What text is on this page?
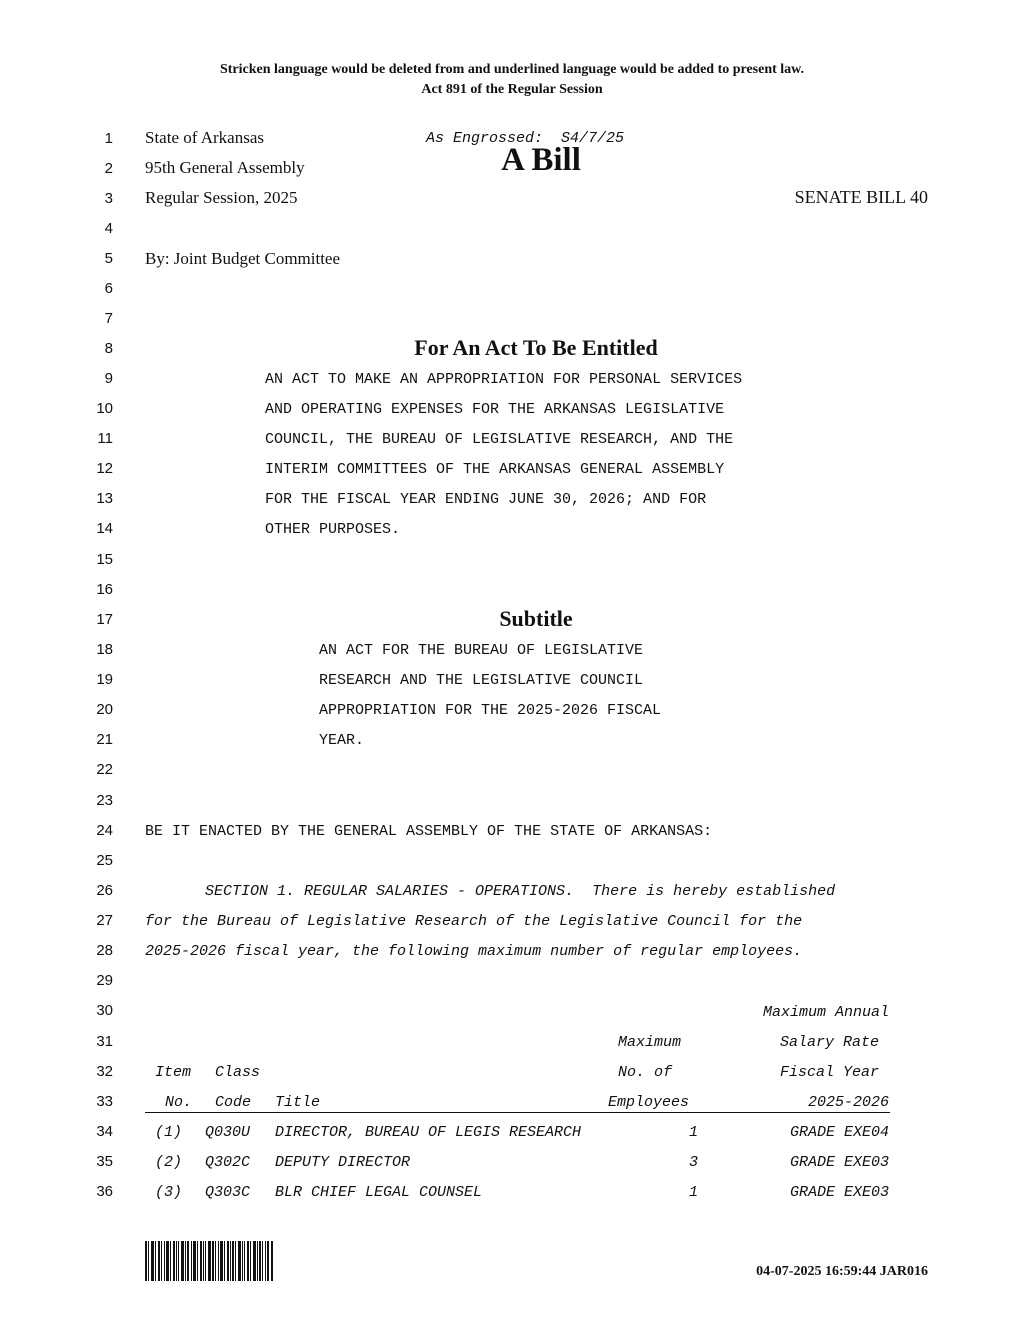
Stricken language would be deleted from and underlined language would be added to present law.
Act 891 of the Regular Session
1
2
3
4
5
6
7
8
9
10
11
12
13
14
15
16
17
18
19
20
21
22
23
24
25
26
27
28
29
30
31
32
33
34
35
36
State of Arkansas	As Engrossed:  S4/7/25
95th General Assembly	A Bill
Regular Session, 2025	SENATE BILL 40
By: Joint Budget Committee
For An Act To Be Entitled
AN ACT TO MAKE AN APPROPRIATION FOR PERSONAL SERVICES
AND OPERATING EXPENSES FOR THE ARKANSAS LEGISLATIVE
COUNCIL, THE BUREAU OF LEGISLATIVE RESEARCH, AND THE
INTERIM COMMITTEES OF THE ARKANSAS GENERAL ASSEMBLY
FOR THE FISCAL YEAR ENDING JUNE 30, 2026; AND FOR
OTHER PURPOSES.
Subtitle
AN ACT FOR THE BUREAU OF LEGISLATIVE
RESEARCH AND THE LEGISLATIVE COUNCIL
APPROPRIATION FOR THE 2025-2026 FISCAL
YEAR.
BE IT ENACTED BY THE GENERAL ASSEMBLY OF THE STATE OF ARKANSAS:
SECTION 1. REGULAR SALARIES - OPERATIONS.  There is hereby established
for the Bureau of Legislative Research of the Legislative Council for the
2025-2026 fiscal year, the following maximum number of regular employees.
Maximum Annual
Maximum	Salary Rate
Item Class	No. of	Fiscal Year
No. Code Title	Employees	2025-2026
(1) Q030U DIRECTOR, BUREAU OF LEGIS RESEARCH	1	GRADE EXE04
(2) Q302C DEPUTY DIRECTOR	3	GRADE EXE03
(3) Q303C BLR CHIEF LEGAL COUNSEL	1	GRADE EXE03
04-07-2025 16:59:44 JAR016
